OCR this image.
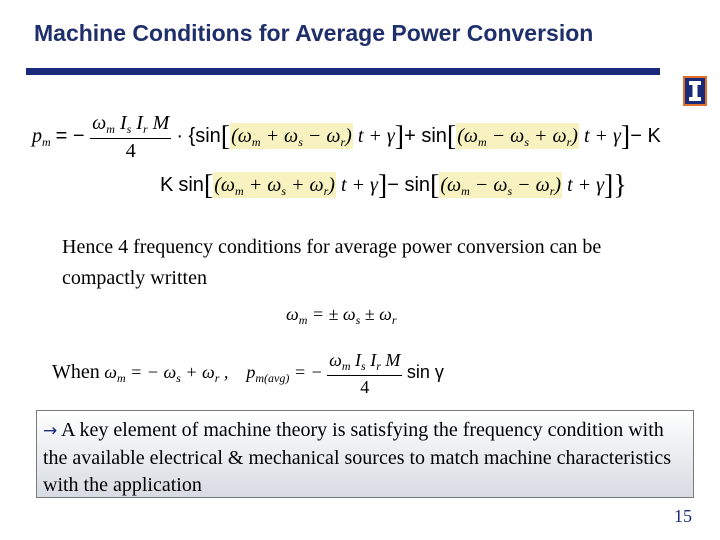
Machine Conditions for Average Power Conversion
$p_m$ = − $\frac{\omega_m I_s I_r M}{4} \cdot \{\sin[(\omega_m + \omega_s - \omega_r) t + \gamma]+ \sin[(\omega_m - \omega_s + \omega_r) t + \gamma]- K$
K $\sin[(\omega_m + \omega_s + \omega_r) t + \gamma]- \sin[(\omega_m - \omega_s - \omega_r) t + \gamma]$}
Hence 4 frequency conditions for average power conversion can be compactly written
$\omega_m$ = ± $\omega_s \pm \omega_r$
When $\omega_m$ = − $\omega_s + \omega_r$ ,    $p_{m(avg)}$ = − $\frac{\omega_m I_s I_r M}{4}$ sin γ
→ A key element of machine theory is satisfying the frequency condition with the available electrical & mechanical sources to match machine characteristics with the application
15
